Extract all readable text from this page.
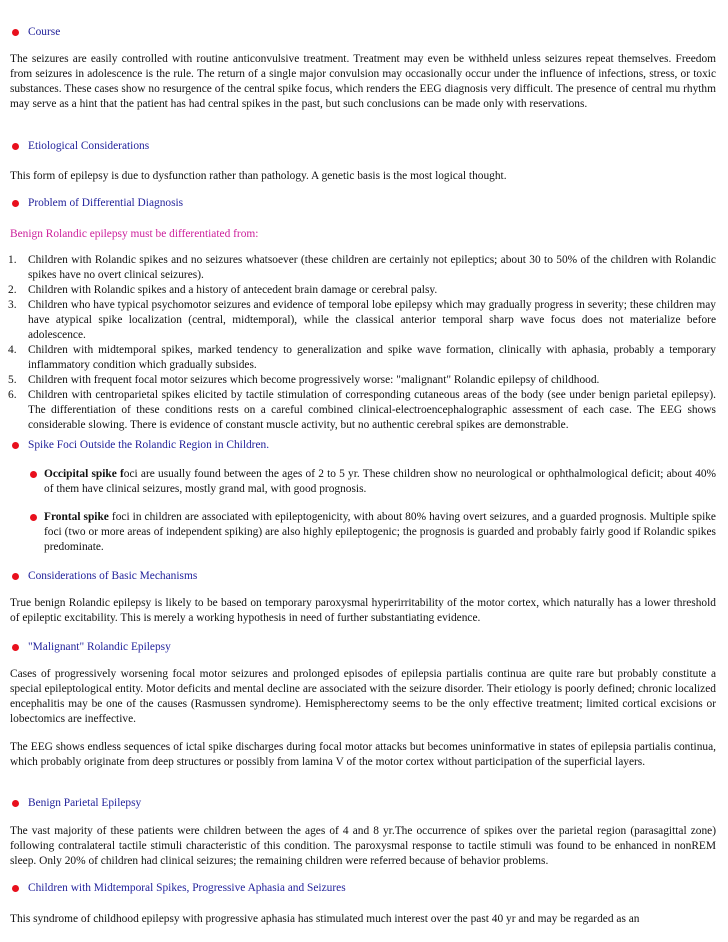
Course

The seizures are easily controlled with routine anticonvulsive treatment. Treatment may even be withheld unless seizures repeat themselves. Freedom from seizures in adolescence is the rule. The return of a single major convulsion may occasionally occur under the influence of infections, stress, or toxic substances. These cases show no resurgence of the central spike focus, which renders the EEG diagnosis very difficult. The presence of central mu rhythm may serve as a hint that the patient has had central spikes in the past, but such conclusions can be made only with reservations.

Etiological Considerations

This form of epilepsy is due to dysfunction rather than pathology. A genetic basis is the most logical thought.

Problem of Differential Diagnosis

Benign Rolandic epilepsy must be differentiated from:

1. Children with Rolandic spikes and no seizures whatsoever (these children are certainly not epileptics; about 30 to 50% of the children with Rolandic spikes have no overt clinical seizures).
2. Children with Rolandic spikes and a history of antecedent brain damage or cerebral palsy.
3. Children who have typical psychomotor seizures and evidence of temporal lobe epilepsy which may gradually progress in severity; these children may have atypical spike localization (central, midtemporal), while the classical anterior temporal sharp wave focus does not materialize before adolescence.
4. Children with midtemporal spikes, marked tendency to generalization and spike wave formation, clinically with aphasia, probably a temporary inflammatory condition which gradually subsides.
5. Children with frequent focal motor seizures which become progressively worse: "malignant" Rolandic epilepsy of childhood.
6. Children with centroparietal spikes elicited by tactile stimulation of corresponding cutaneous areas of the body (see under benign parietal epilepsy). The differentiation of these conditions rests on a careful combined clinical-electroencephalographic assessment of each case. The EEG shows considerable slowing. There is evidence of constant muscle activity, but no authentic cerebral spikes are demonstrable.
Spike Foci Outside the Rolandic Region in Children.
Occipital spike foci are usually found between the ages of 2 to 5 yr. These children show no neurological or ophthalmological deficit; about 40% of them have clinical seizures, mostly grand mal, with good prognosis.
Frontal spike foci in children are associated with epileptogenicity, with about 80% having overt seizures, and a guarded prognosis. Multiple spike foci (two or more areas of independent spiking) are also highly epileptogenic; the prognosis is guarded and probably fairly good if Rolandic spikes predominate.
Considerations of Basic Mechanisms

True benign Rolandic epilepsy is likely to be based on temporary paroxysmal hyperirritability of the motor cortex, which naturally has a lower threshold of epileptic excitability. This is merely a working hypothesis in need of further substantiating evidence.

"Malignant" Rolandic Epilepsy

Cases of progressively worsening focal motor seizures and prolonged episodes of epilepsia partialis continua are quite rare but probably constitute a special epileptological entity. Motor deficits and mental decline are associated with the seizure disorder. Their etiology is poorly defined; chronic localized encephalitis may be one of the causes (Rasmussen syndrome). Hemispherectomy seems to be the only effective treatment; limited cortical excisions or lobectomics are ineffective.

The EEG shows endless sequences of ictal spike discharges during focal motor attacks but becomes uninformative in states of epilepsia partialis continua, which probably originate from deep structures or possibly from lamina V of the motor cortex without participation of the superficial layers.

Benign Parietal Epilepsy

The vast majority of these patients were children between the ages of 4 and 8 yr.The occurrence of spikes over the parietal region (parasagittal zone) following contralateral tactile stimuli characteristic of this condition. The paroxysmal response to tactile stimuli was found to be enhanced in nonREM sleep. Only 20% of children had clinical seizures; the remaining children were referred because of behavior problems.

Children with Midtemporal Spikes, Progressive Aphasia and Seizures

This syndrome of childhood epilepsy with progressive aphasia has stimulated much interest over the past 40 yr and may be regarded as an
